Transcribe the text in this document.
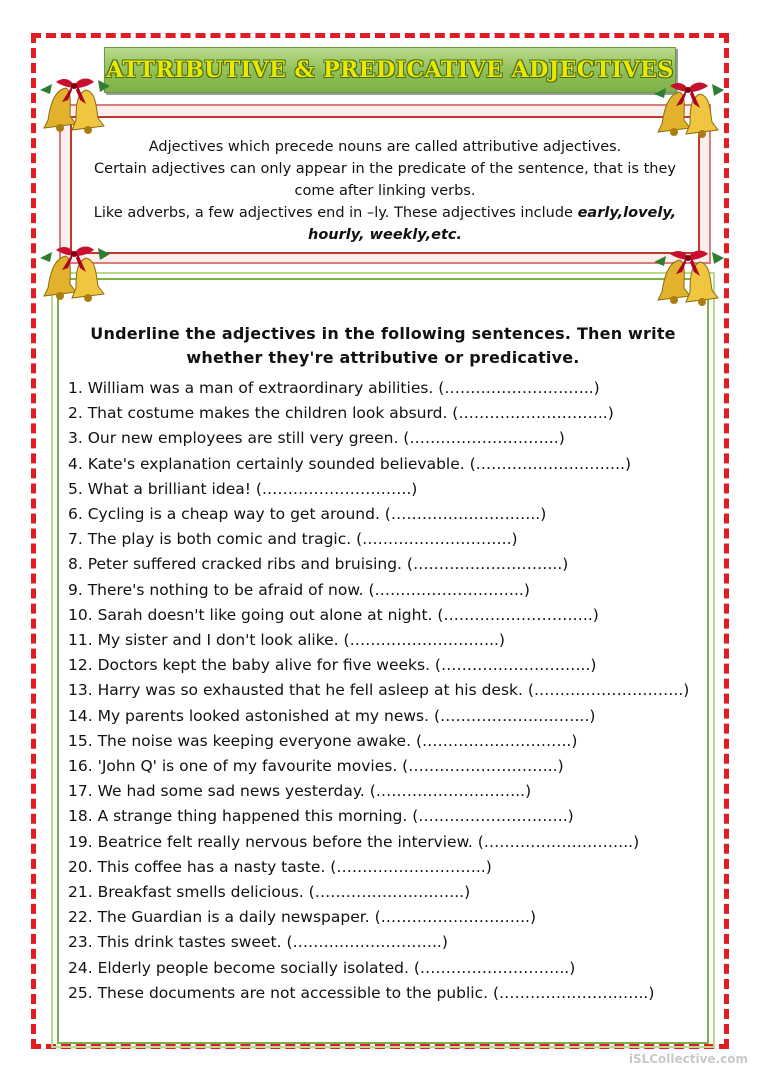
ATTRIBUTIVE & PREDICATIVE ADJECTIVES
Adjectives which precede nouns are called attributive adjectives.
Certain adjectives can only appear in the predicate of the sentence, that is they come after linking verbs.
Like adverbs, a few adjectives end in –ly. These adjectives include early,lovely, hourly, weekly,etc.
Underline the adjectives in the following sentences. Then write whether they're attributive or predicative.
1. William was a man of extraordinary abilities. (………………………..)
2. That costume makes the children look absurd. (………………………..)
3. Our new employees are still very green. (………………………..)
4. Kate's explanation certainly sounded believable. (………………………..)
5. What a brilliant idea! (………………………..)
6. Cycling is a cheap way to get around. (………………………..)
7. The play is both comic and tragic. (………………………..)
8. Peter suffered cracked ribs and bruising. (………………………..)
9. There's nothing to be afraid of now. (………………………..)
10. Sarah doesn't like going out alone at night. (………………………..)
11. My sister and I don't look alike. (………………………..)
12. Doctors kept the baby alive for five weeks. (………………………..)
13. Harry was so exhausted that he fell asleep at his desk. (………………………..)
14. My parents looked astonished at my news. (………………………..)
15. The noise was keeping everyone awake. (………………………..)
16. 'John Q' is one of my favourite movies. (………………………..)
17. We had some sad news yesterday. (………………………..)
18. A strange thing happened this morning. (………………………..)
19. Beatrice felt really nervous before the interview. (………………………..)
20. This coffee has a nasty taste. (………………………..)
21. Breakfast smells delicious. (………………………..)
22. The Guardian is a daily newspaper. (………………………..)
23. This drink tastes sweet. (………………………..)
24. Elderly people become socially isolated. (………………………..)
25. These documents are not accessible to the public. (………………………..)
iSLCollective.com
